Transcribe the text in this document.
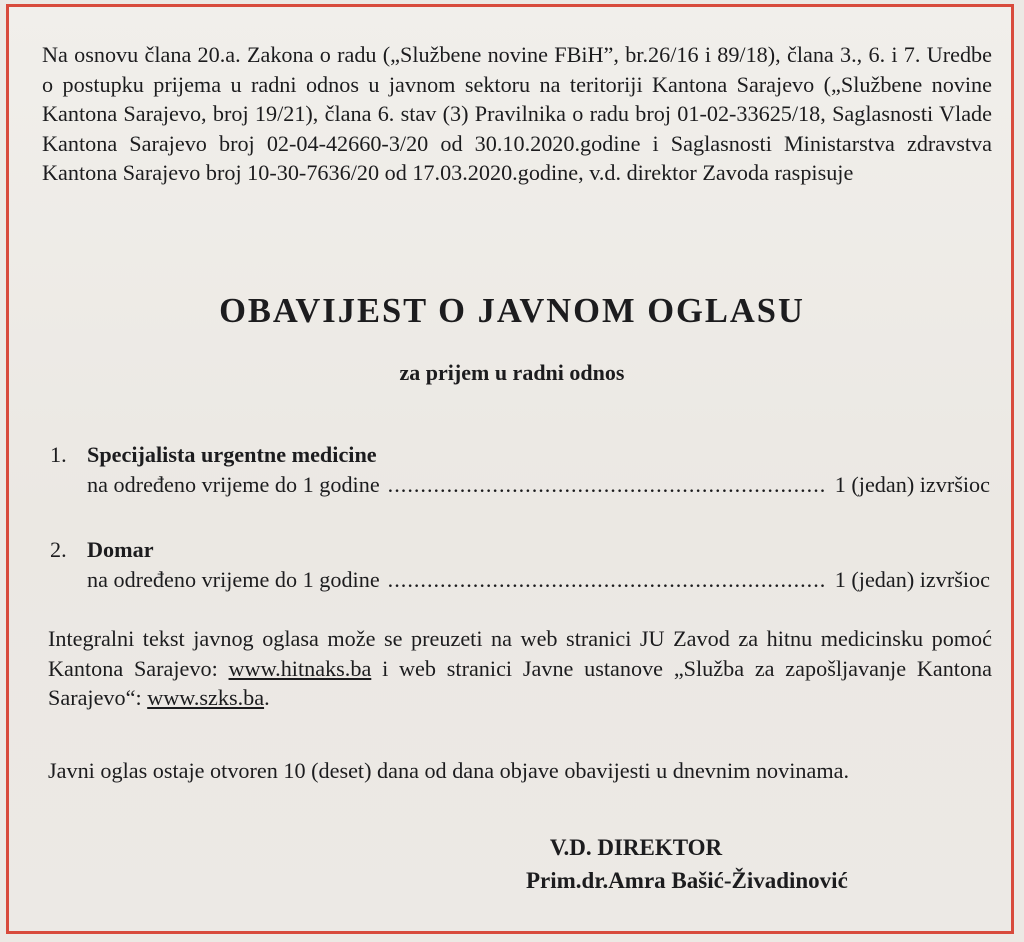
Na osnovu člana 20.a. Zakona o radu („Službene novine FBiH”, br.26/16 i 89/18), člana 3., 6. i 7. Uredbe o postupku prijema u radni odnos u javnom sektoru na teritoriji Kantona Sarajevo („Službene novine Kantona Sarajevo, broj 19/21), člana 6. stav (3) Pravilnika o radu broj 01-02-33625/18, Saglasnosti Vlade Kantona Sarajevo broj 02-04-42660-3/20 od 30.10.2020.godine i Saglasnosti Ministarstva zdravstva Kantona Sarajevo broj 10-30-7636/20 od 17.03.2020.godine, v.d. direktor Zavoda raspisuje

OBAVIJEST O JAVNOM OGLASU
za prijem u radni odnos
1. Specijalista urgentne medicine
na određeno vrijeme do 1 godine .....	1 (jedan) izvršioc
2. Domar
na određeno vrijeme do 1 godine .....	1 (jedan) izvršioc

Integralni tekst javnog oglasa može se preuzeti na web stranici JU Zavod za hitnu medicinsku pomoć Kantona Sarajevo: www.hitnaks.ba i web stranici Javne ustanove „Služba za zapošljavanje Kantona Sarajevo“: www.szks.ba.

Javni oglas ostaje otvoren 10 (deset) dana od dana objave obavijesti u dnevnim novinama.

V.D. DIREKTOR
Prim.dr.Amra Bašić-Živadinović
